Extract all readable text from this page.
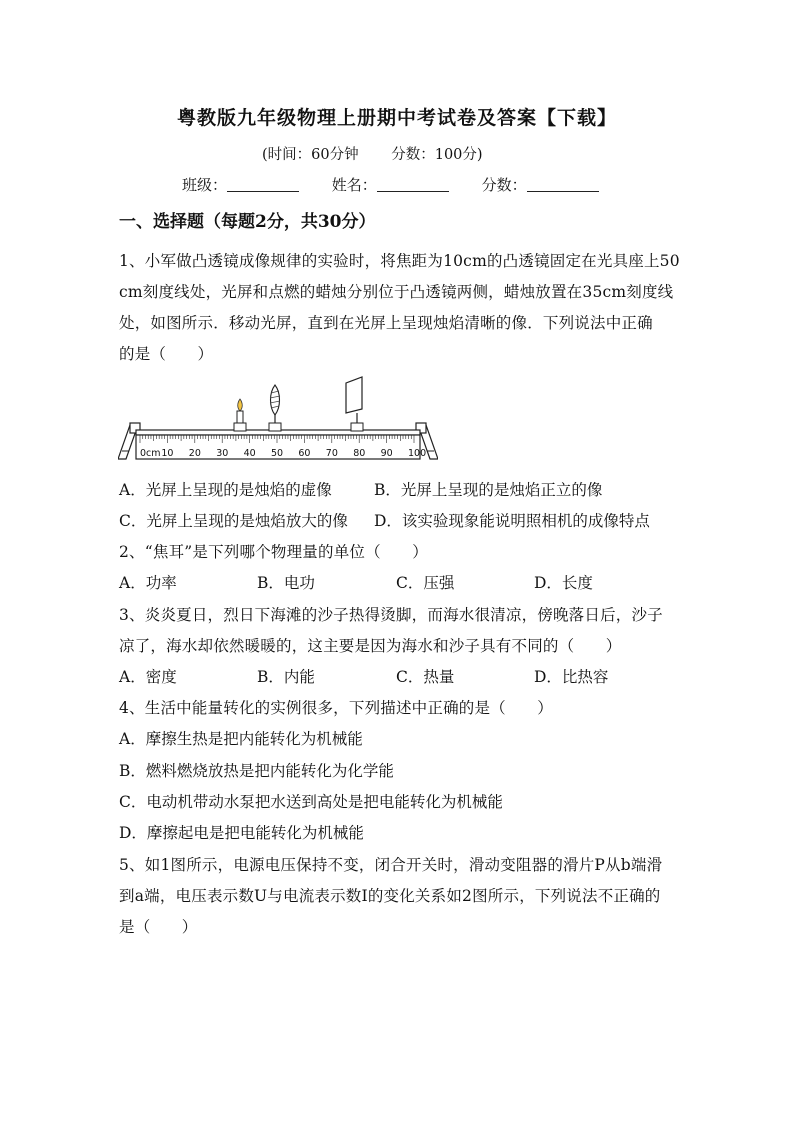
粤教版九年级物理上册期中考试卷及答案【下载】
(时间：60分钟 分数：100分)
班级：	姓名：	分数：
一、选择题（每题2分，共30分）
1、小军做凸透镜成像规律的实验时，将焦距为10cm的凸透镜固定在光具座上50
cm刻度线处，光屏和点燃的蜡烛分别位于凸透镜两侧，蜡烛放置在35cm刻度线
处，如图所示．移动光屏，直到在光屏上呈现烛焰清晰的像．下列说法中正确
的是（　　）
0cm 10 20 30 40 50 60 70 80 90 100
A．光屏上呈现的是烛焰的虚像	B．光屏上呈现的是烛焰正立的像
C．光屏上呈现的是烛焰放大的像 D．该实验现象能说明照相机的成像特点
2、“焦耳”是下列哪个物理量的单位（　　）
A．功率	B．电功	C．压强	D．长度
3、炎炎夏日，烈日下海滩的沙子热得烫脚，而海水很清凉，傍晚落日后，沙子
凉了，海水却依然暖暖的，这主要是因为海水和沙子具有不同的（　　）
A．密度	B．内能	C．热量	D．比热容
4、生活中能量转化的实例很多，下列描述中正确的是（　　）
A．摩擦生热是把内能转化为机械能
B．燃料燃烧放热是把内能转化为化学能
C．电动机带动水泵把水送到高处是把电能转化为机械能
D．摩擦起电是把电能转化为机械能
5、如1图所示，电源电压保持不变，闭合开关时，滑动变阻器的滑片P从b端滑
到a端，电压表示数U与电流表示数I的变化关系如2图所示，下列说法不正确的
是（　　）
